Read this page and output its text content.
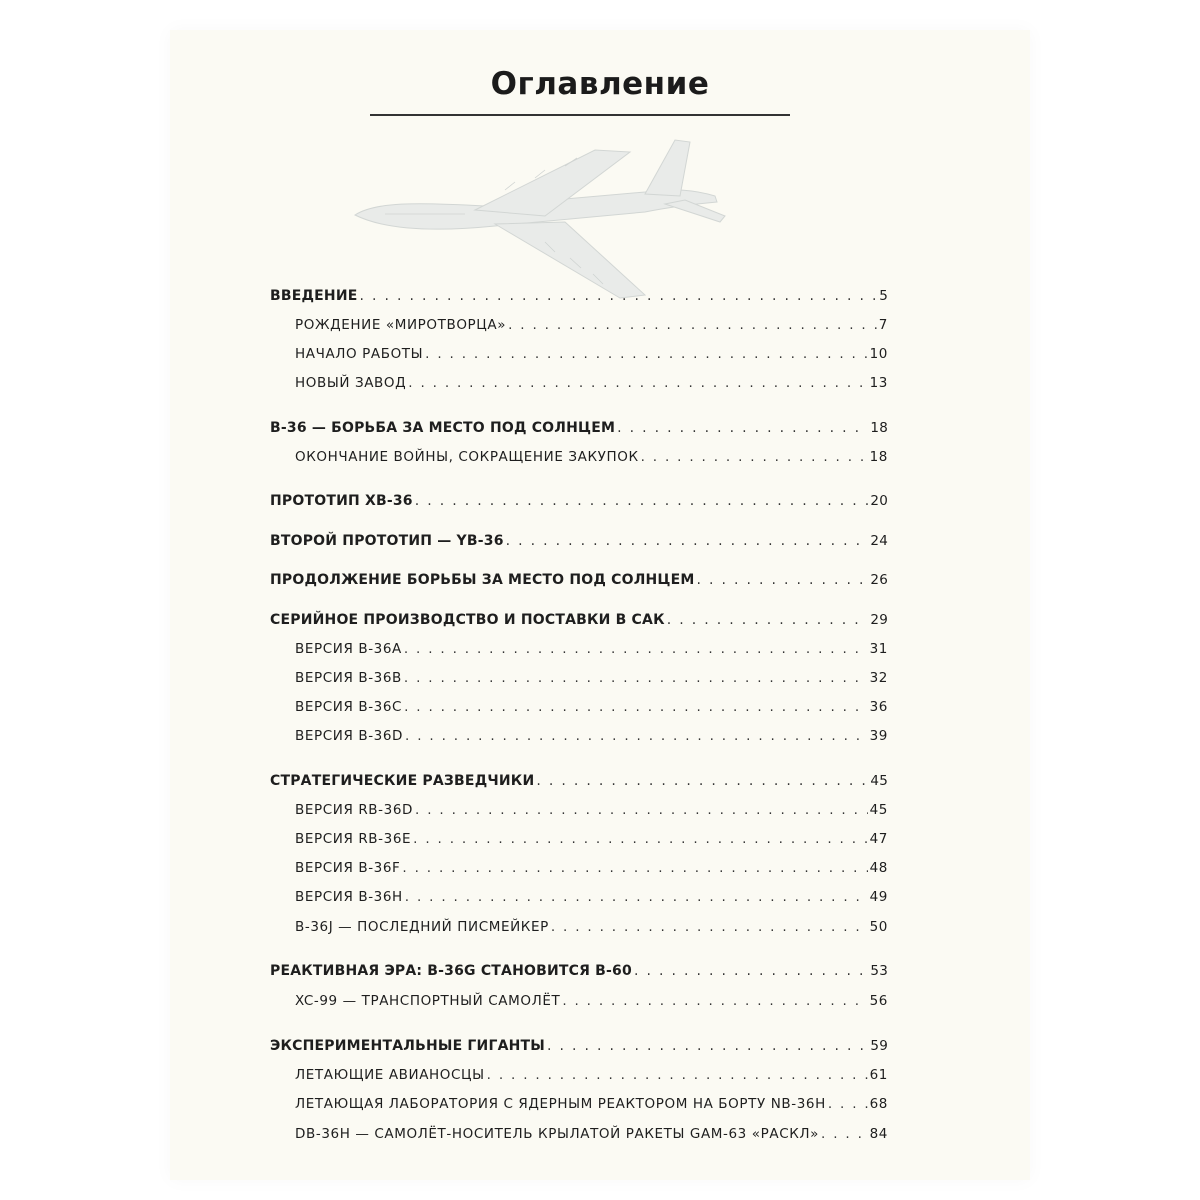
Оглавление
ВВЕДЕНИЕ . . .	5
РОЖДЕНИЕ «МИРОТВОРЦА» . . .	7
НАЧАЛО РАБОТЫ . . .	10
НОВЫЙ ЗАВОД . . .	13
B-36 — БОРЬБА ЗА МЕСТО ПОД СОЛНЦЕМ . . .	18
ОКОНЧАНИЕ ВОЙНЫ, СОКРАЩЕНИЕ ЗАКУПОК . . .	18
ПРОТОТИП XB-36 . . .	20
ВТОРОЙ ПРОТОТИП — YB-36 . . .	24
ПРОДОЛЖЕНИЕ БОРЬБЫ ЗА МЕСТО ПОД СОЛНЦЕМ . . .	26
СЕРИЙНОЕ ПРОИЗВОДСТВО И ПОСТАВКИ В САК . . .	29
ВЕРСИЯ B-36A . . .	31
ВЕРСИЯ B-36B . . .	32
ВЕРСИЯ B-36C . . .	36
ВЕРСИЯ B-36D . . .	39
СТРАТЕГИЧЕСКИЕ РАЗВЕДЧИКИ . . .	45
ВЕРСИЯ RB-36D . . .	45
ВЕРСИЯ RB-36E . . .	47
ВЕРСИЯ B-36F . . .	48
ВЕРСИЯ B-36H . . .	49
B-36J — ПОСЛЕДНИЙ ПИСМЕЙКЕР . . .	50
РЕАКТИВНАЯ ЭРА: B-36G СТАНОВИТСЯ B-60 . . .	53
XC-99 — ТРАНСПОРТНЫЙ САМОЛЁТ . . .	56
ЭКСПЕРИМЕНТАЛЬНЫЕ ГИГАНТЫ . . .	59
ЛЕТАЮЩИЕ АВИАНОСЦЫ . . .	61
ЛЕТАЮЩАЯ ЛАБОРАТОРИЯ С ЯДЕРНЫМ РЕАКТОРОМ НА БОРТУ NB-36H . . .	68
DB-36H — САМОЛЁТ-НОСИТЕЛЬ КРЫЛАТОЙ РАКЕТЫ GAM-63 «РАСКЛ» . . .	84
